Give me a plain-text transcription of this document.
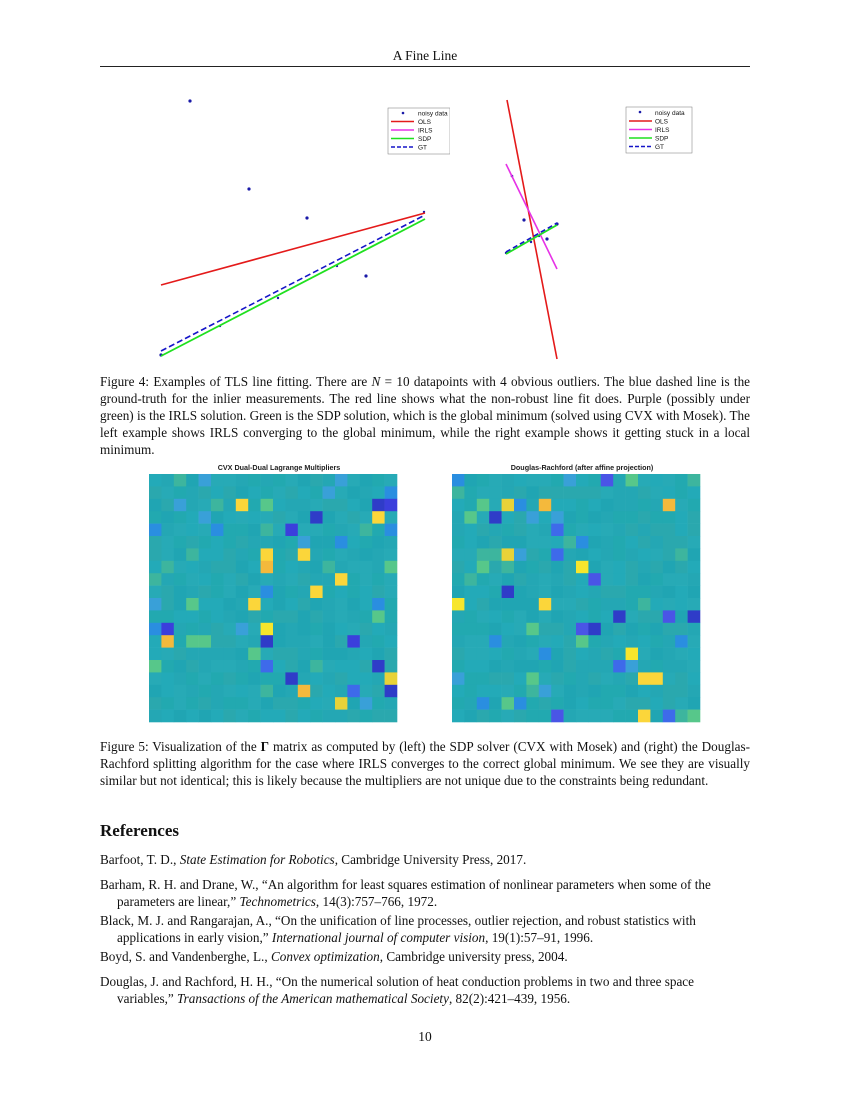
A Fine Line
noisy data
OLS
IRLS
SDP
GT
noisy data
OLS
IRLS
SDP
GT
Figure 4: Examples of TLS line fitting. There are N = 10 datapoints with 4 obvious outliers. The blue dashed line is the ground-truth for the inlier measurements. The red line shows what the non-robust line fit does. Purple (possibly under green) is the IRLS solution. Green is the SDP solution, which is the global minimum (solved using CVX with Mosek). The left example shows IRLS converging to the global minimum, while the right example shows it getting stuck in a local minimum.
CVX Dual-Dual Lagrange Multipliers	Douglas-Rachford (after affine projection)
Figure 5: Visualization of the Γ matrix as computed by (left) the SDP solver (CVX with Mosek) and (right) the Douglas-Rachford splitting algorithm for the case where IRLS converges to the correct global minimum. We see they are visually similar but not identical; this is likely because the multipliers are not unique due to the constraints being redundant.
References
Barfoot, T. D., State Estimation for Robotics, Cambridge University Press, 2017.
Barham, R. H. and Drane, W., “An algorithm for least squares estimation of nonlinear parameters when some of the parameters are linear,” Technometrics, 14(3):757–766, 1972.
Black, M. J. and Rangarajan, A., “On the unification of line processes, outlier rejection, and robust statistics with applications in early vision,” International journal of computer vision, 19(1):57–91, 1996.
Boyd, S. and Vandenberghe, L., Convex optimization, Cambridge university press, 2004.
Douglas, J. and Rachford, H. H., “On the numerical solution of heat conduction problems in two and three space variables,” Transactions of the American mathematical Society, 82(2):421–439, 1956.
10
